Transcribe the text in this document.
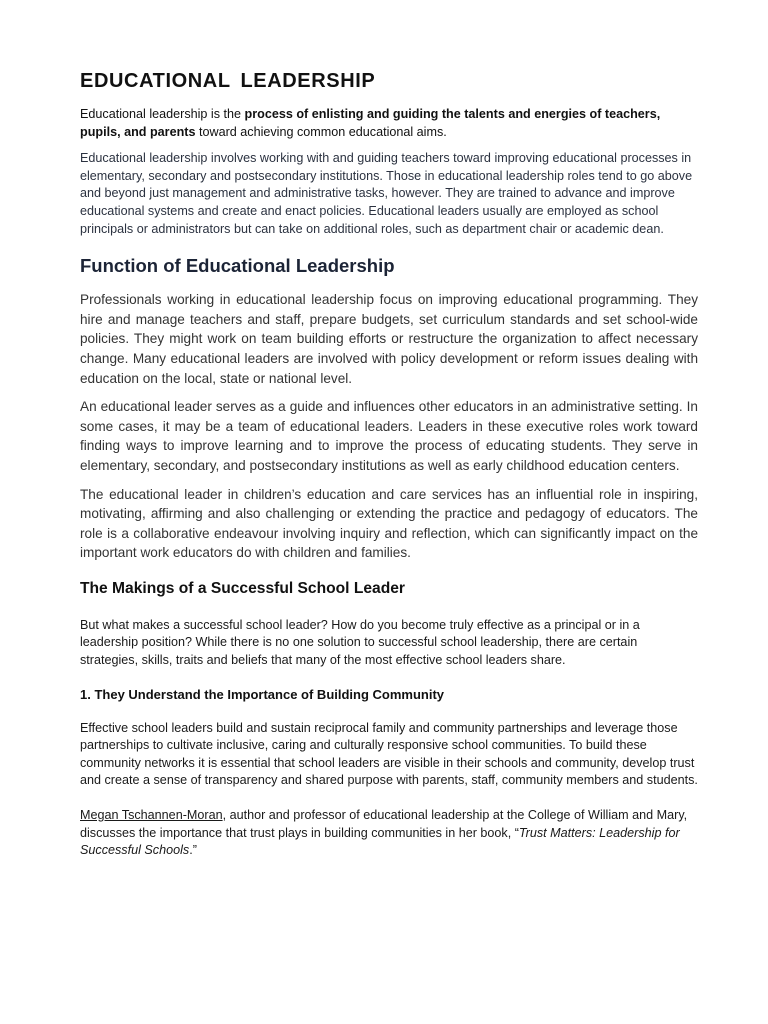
EDUCATIONAL LEADERSHIP

Educational leadership is the process of enlisting and guiding the talents and energies of teachers, pupils, and parents toward achieving common educational aims.

Educational leadership involves working with and guiding teachers toward improving educational processes in elementary, secondary and postsecondary institutions. Those in educational leadership roles tend to go above and beyond just management and administrative tasks, however. They are trained to advance and improve educational systems and create and enact policies. Educational leaders usually are employed as school principals or administrators but can take on additional roles, such as department chair or academic dean.

Function of Educational Leadership

Professionals working in educational leadership focus on improving educational programming. They hire and manage teachers and staff, prepare budgets, set curriculum standards and set school-wide policies. They might work on team building efforts or restructure the organization to affect necessary change. Many educational leaders are involved with policy development or reform issues dealing with education on the local, state or national level.

An educational leader serves as a guide and influences other educators in an administrative setting. In some cases, it may be a team of educational leaders. Leaders in these executive roles work toward finding ways to improve learning and to improve the process of educating students. They serve in elementary, secondary, and postsecondary institutions as well as early childhood education centers.

The educational leader in children’s education and care services has an influential role in inspiring, motivating, affirming and also challenging or extending the practice and pedagogy of educators. The role is a collaborative endeavour involving inquiry and reflection, which can significantly impact on the important work educators do with children and families.

The Makings of a Successful School Leader

But what makes a successful school leader? How do you become truly effective as a principal or in a leadership position? While there is no one solution to successful school leadership, there are certain strategies, skills, traits and beliefs that many of the most effective school leaders share.

1. They Understand the Importance of Building Community

Effective school leaders build and sustain reciprocal family and community partnerships and leverage those partnerships to cultivate inclusive, caring and culturally responsive school communities. To build these community networks it is essential that school leaders are visible in their schools and community, develop trust and create a sense of transparency and shared purpose with parents, staff, community members and students.

Megan Tschannen-Moran, author and professor of educational leadership at the College of William and Mary, discusses the importance that trust plays in building communities in her book, “Trust Matters: Leadership for Successful Schools.”
